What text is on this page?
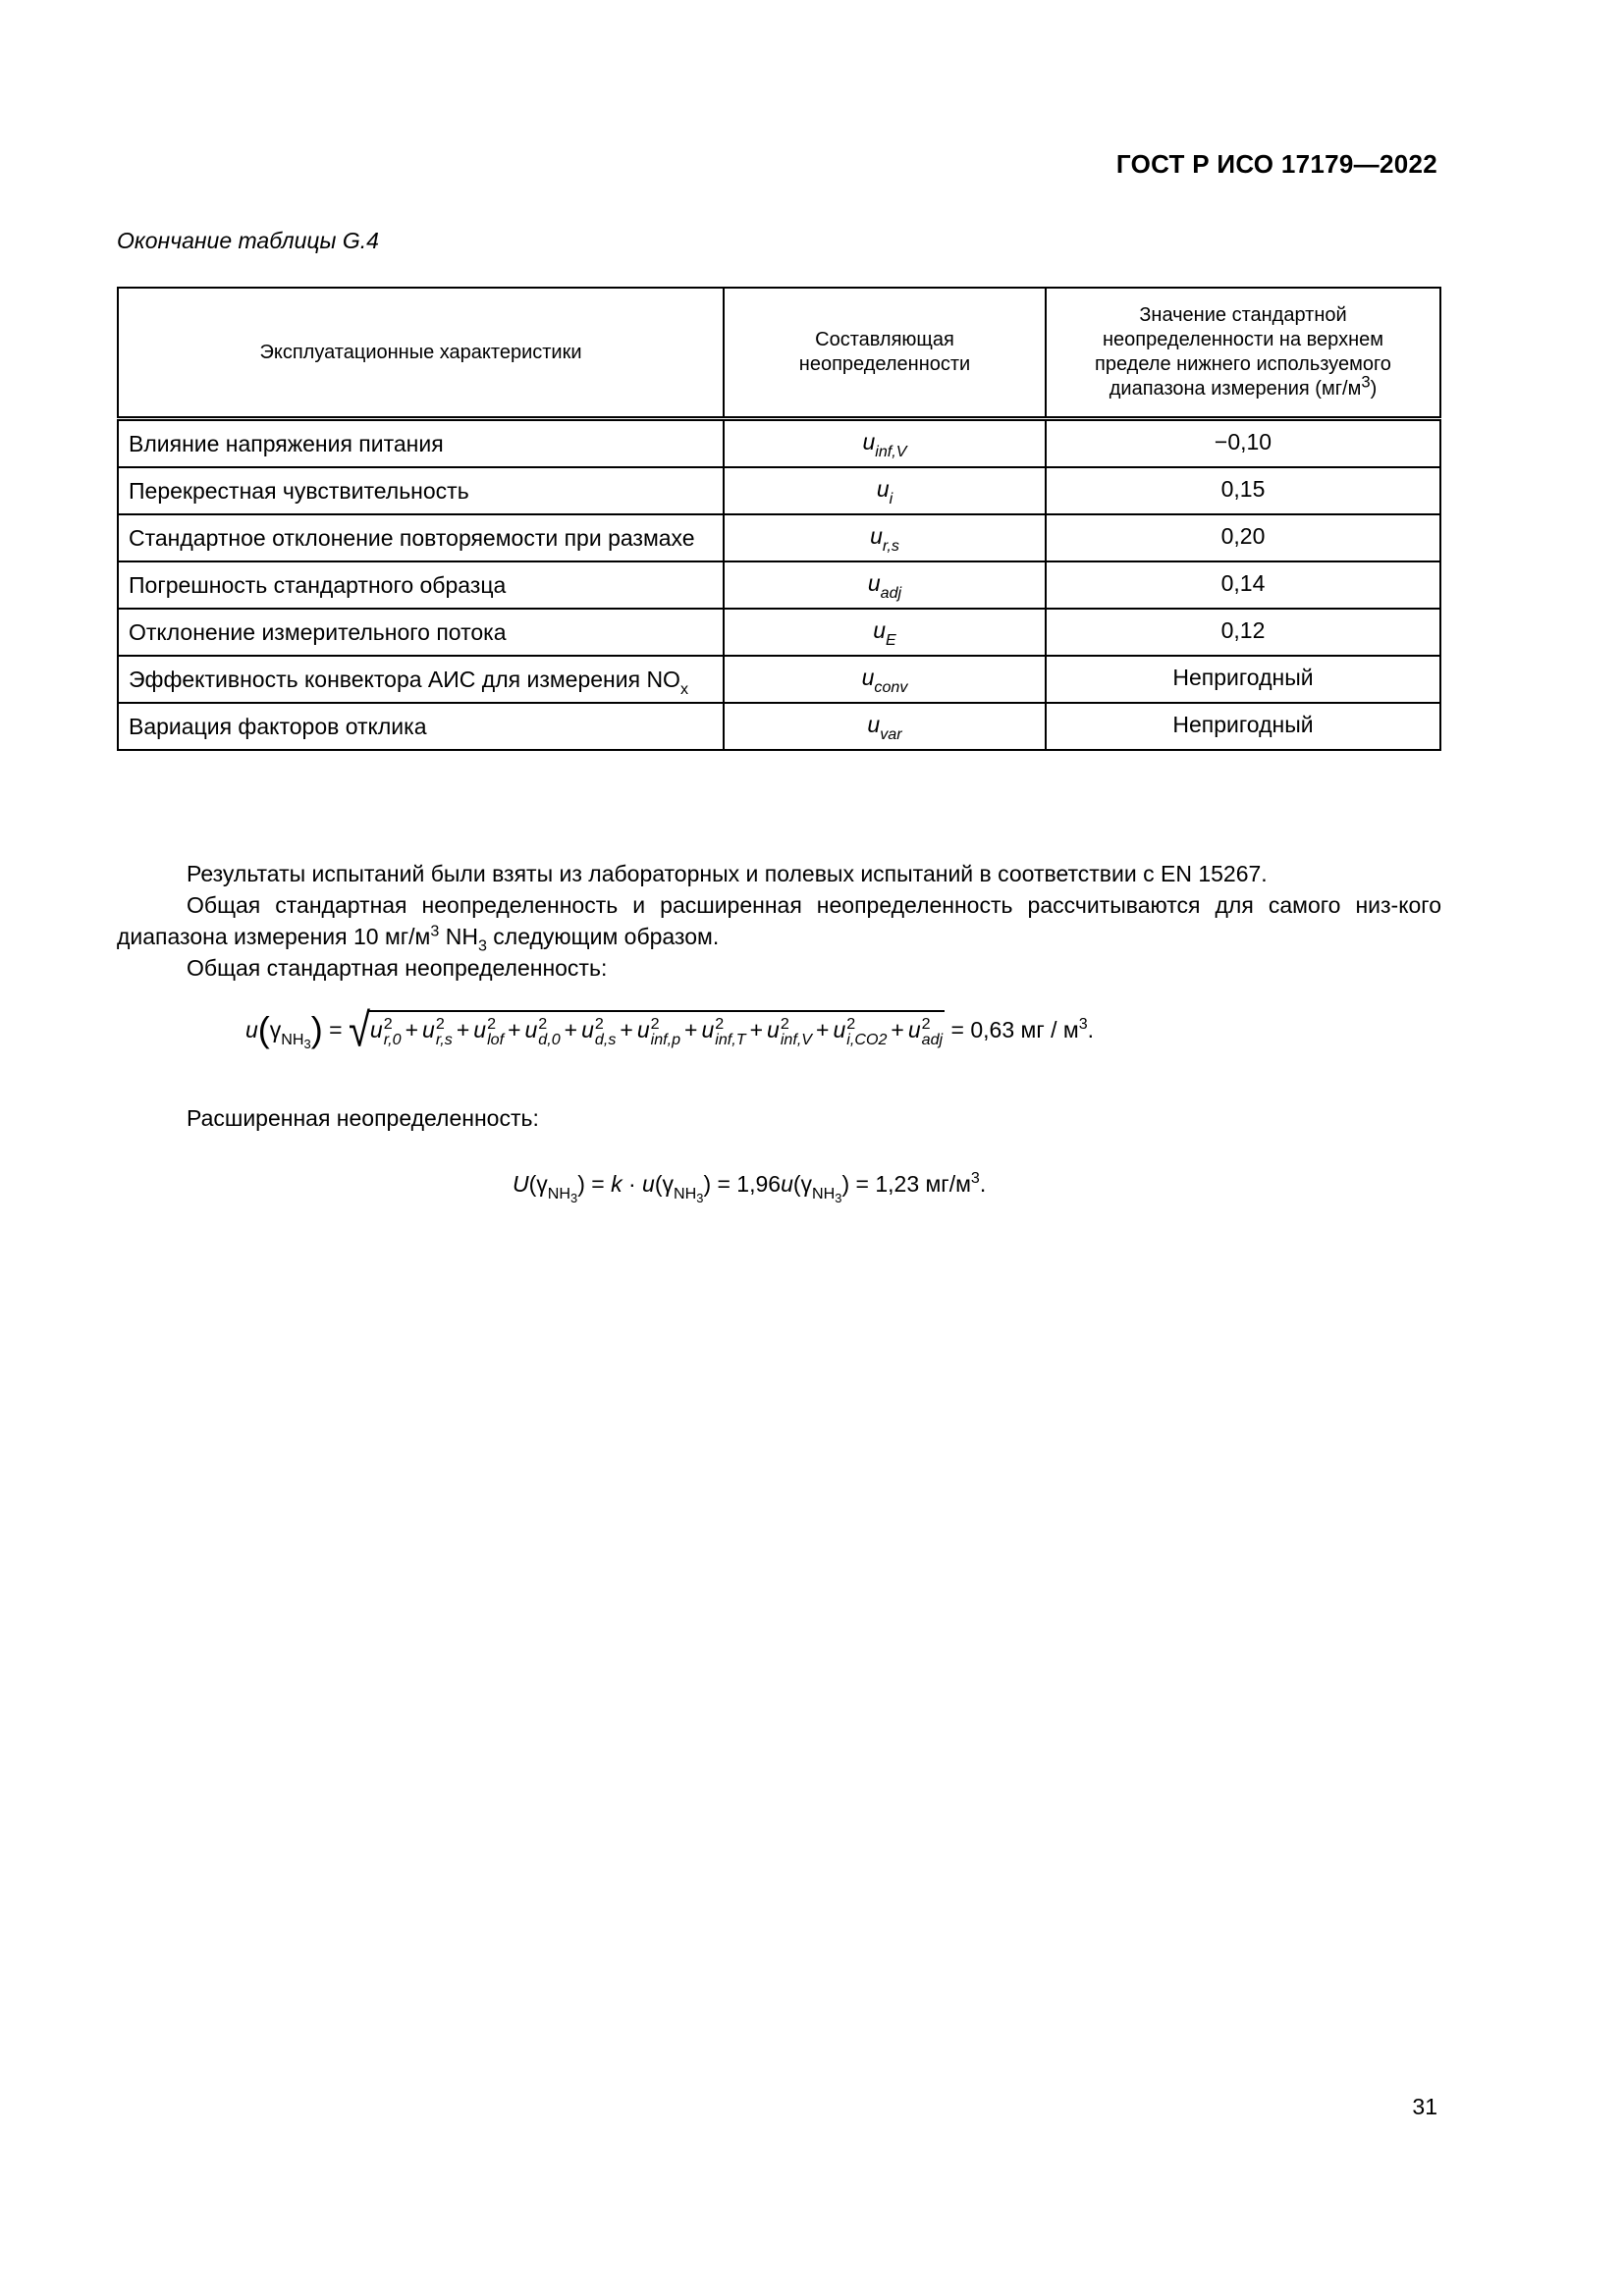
ГОСТ Р ИСО 17179—2022
Окончание таблицы G.4
Эксплуатационные характеристики	Составляющая неопределенности	Значение стандартной неопределенности на верхнем пределе нижнего используемого диапазона измерения $(мг/м^3)$
Влияние напряжения питания	$u_{inf,V}$	−0,10
Перекрестная чувствительность	$u_i$	0,15
Стандартное отклонение повторяемости при размахе	$u_{r,s}$	0,20
Погрешность стандартного образца	$u_{adj}$	0,14
Отклонение измерительного потока	$u_E$	0,12
Эффективность конвектора АИС для измерения $NO_x$	$u_{conv}$	Непригодный
Вариация факторов отклика	$u_{var}$	Непригодный
Результаты испытаний были взяты из лабораторных и полевых испытаний в соответствии с EN 15267.
Общая стандартная неопределенность и расширенная неопределенность рассчитываются для самого низ-кого диапазона измерения 10 $мг/м^3$ $NH_3$ следующим образом.
Общая стандартная неопределенность:
$u(\gamma_{NH_3}) = √u$ 2
r,0 + u 2
r,s + u 2
lof + u 2
d,0 + u 2
d,s + u 2
inf,p + u 2
inf,T + u 2
inf,V + u 2
i,CO2 + u 2
adj = 0,63 мг / $м^3$.
Расширенная неопределенность:
$U(\gamma_{NH_3}) = k \cdot u(\gamma_{NH_3}) = 1,96u(\gamma_{NH_3}) = 1,23$ $мг/м^3$.
31
